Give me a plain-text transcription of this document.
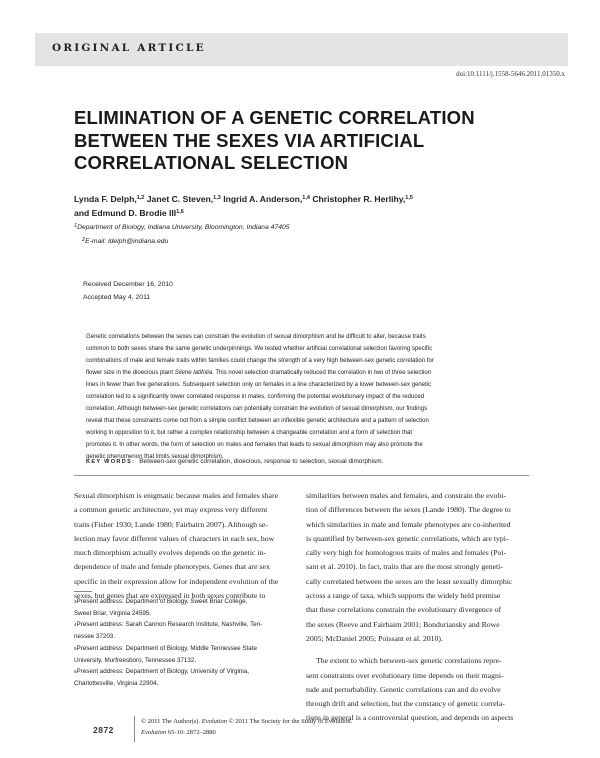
ORIGINAL ARTICLE
doi:10.1111/j.1558-5646.2011.01350.x
ELIMINATION OF A GENETIC CORRELATION
BETWEEN THE SEXES VIA ARTIFICIAL
CORRELATIONAL SELECTION
Lynda F. Delph,$^{1,2}$ Janet C. Steven,$^{1,3}$ Ingrid A. Anderson,$^{1,4}$ Christopher R. Herlihy,$^{1,5}$
and Edmund D. Brodie III$^{1,6}$
$^1$Department of Biology, Indiana University, Bloomington, Indiana 47405
$^2$E-mail: ldelph@indiana.edu
Received December 16, 2010
Accepted May 4, 2011
Genetic correlations between the sexes can constrain the evolution of sexual dimorphism and be difficult to alter, because traits
common to both sexes share the same genetic underpinnings. We tested whether artificial correlational selection favoring specific
combinations of male and female traits within families could change the strength of a very high between-sex genetic correlation for
flower size in the dioecious plant Silene latifolia. This novel selection dramatically reduced the correlation in two of three selection
lines in fewer than five generations. Subsequent selection only on females in a line characterized by a lower between-sex genetic
correlation led to a significantly lower correlated response in males, confirming the potential evolutionary impact of the reduced
correlation. Although between-sex genetic correlations can potentially constrain the evolution of sexual dimorphism, our findings
reveal that these constraints come not from a simple conflict between an inflexible genetic architecture and a pattern of selection
working in opposition to it, but rather a complex relationship between a changeable correlation and a form of selection that
promotes it. In other words, the form of selection on males and females that leads to sexual dimorphism may also promote the
genetic phenomenon that limits sexual dimorphism.
KEY WORDS: Between-sex genetic correlation, dioecious, response to selection, sexual dimorphism.
Sexual dimorphism is enigmatic because males and females share
a common genetic architecture, yet may express very different
traits (Fisher 1930; Lande 1980; Fairbairn 2007). Although se-
lection may favor different values of characters in each sex, how
much dimorphism actually evolves depends on the genetic in-
dependence of male and female phenotypes. Genes that are sex
specific in their expression allow for independent evolution of the
sexes, but genes that are expressed in both sexes contribute to
similarities between males and females, and constrain the evolu-
tion of differences between the sexes (Lande 1980). The degree to
which similarities in male and female phenotypes are co-inherited
is quantified by between-sex genetic correlations, which are typi-
cally very high for homologous traits of males and females (Poi-
sant et al. 2010). In fact, traits that are the most strongly geneti-
cally correlated between the sexes are the least sexually dimorphic
across a range of taxa, which supports the widely held premise
that these correlations constrain the evolutionary divergence of
the sexes (Reeve and Fairbairn 2001; Bonduriansky and Rowe
2005; McDaniel 2005; Poissant et al. 2010).
The extent to which between-sex genetic correlations repre-
sent constraints over evolutionary time depends on their magni-
tude and perturbability. Genetic correlations can and do evolve
through drift and selection, but the constancy of genetic correla-
tions in general is a controversial question, and depends on aspects
$^3$Present address: Department of Biology, Sweet Briar College,
Sweet Briar, Virginia 24595.
$^4$Present address: Sarah Cannon Research Institute, Nashville, Ten-
nessee 37203.
$^5$Present address: Department of Biology, Middle Tennessee State
University, Murfreesboro, Tennessee 37132.
$^6$Present address: Department of Biology, University of Virginia,
Charlottesville, Virginia 22904.
2872
© 2011 The Author(s). Evolution © 2011 The Society for the Study of Evolution.
Evolution 65-10: 2872–2880
